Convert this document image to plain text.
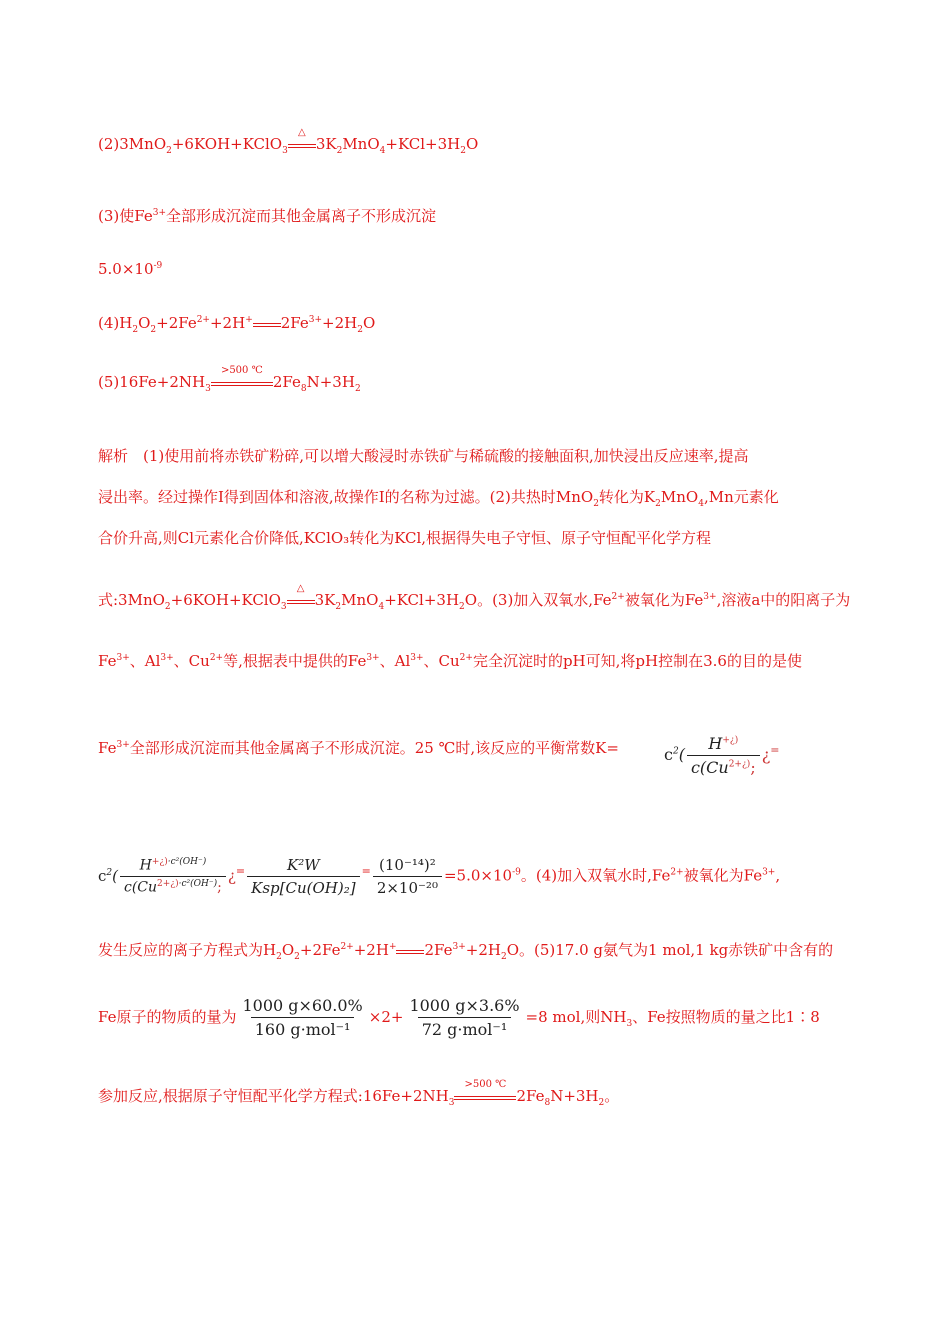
(2)3MnO$_2$+6KOH+KClO$_3$
△
$3K_2MnO_4+KCl+3H_2O$
(3)使$Fe^{3+}$全部形成沉淀而其他金属离子不形成沉淀
$5.0\times 10^{-9}$
$(4)H_2O_2+2Fe^{2+}+2H^+$ $2Fe^{3+}+2H_2O$
$(5)16Fe+2NH_3$
>500 ℃
$2Fe_8N+3H_2$
解析　(1)使用前将赤铁矿粉碎,可以增大酸浸时赤铁矿与稀硫酸的接触面积,加快浸出反应速率,提高
浸出率。经过操作Ⅰ得到固体和溶液,故操作Ⅰ的名称为过滤。(2)共热时MnO$_2$转化为$K_2MnO_4,Mn$元素化
合价升高,则Cl元素化合价降低,KClO₃转化为KCl,根据得失电子守恒、原子守恒配平化学方程
式:3MnO$_2$+6KOH+KClO$_3$
△
$3K_2MnO_4+KCl+3H_2O$。(3)加入双氧水$,Fe^{2+}$被氧化为$Fe^{3+}$,溶液a中的阳离子为
$Fe^{3+}$、$Al^{3+}$、$Cu^{2+}$等,根据表中提供的$Fe^{3+}$、$Al^{3+}$、$Cu^{2+}$完全沉淀时的pH可知,将pH控制在3.6的目的是使
$Fe^{3+}$全部形成沉淀而其他金属离子不形成沉淀。25 ℃时,该反应的平衡常数K=	$c^2( \frac{H^{+¿)}}{c(Cu^{2+¿)};}$ ¿=
$c^2( \frac{H^{+¿)\cdot c^2(OH^-)}}{c(Cu^{2+¿)\cdot c^2(OH^-)};}$ ¿$^= \frac{\text{K²W}}{\text{Ksp[Cu(OH)₂]}} ^= \frac{\text{(10⁻¹⁴)²}}{\text{2×10⁻²⁰}} =5.0\times 10^{-9}$。(4)加入双氧水时$,Fe^{2+}$被氧化为$Fe^{3+}$,
发生反应的离子方程式为$H_2O_2+2Fe^{2+}+2H^+$ $2Fe^{3+}+2H_2O$。(5)17.0 g氨气为1 mol,1 kg赤铁矿中含有的
Fe原子的物质的量为 $\frac{1000 g\times 60.0\%}{\text{160 g·mol⁻¹}} \times 2+ \frac{1000 g\times 3.6\%}{\text{72 g·mol⁻¹}} =8$ mol,则$NH_3$、Fe按照物质的量之比1∶8
参加反应,根据原子守恒配平化学方程式$:16Fe+2NH_3$
>500 ℃
$2Fe_8N+3H_2$。
